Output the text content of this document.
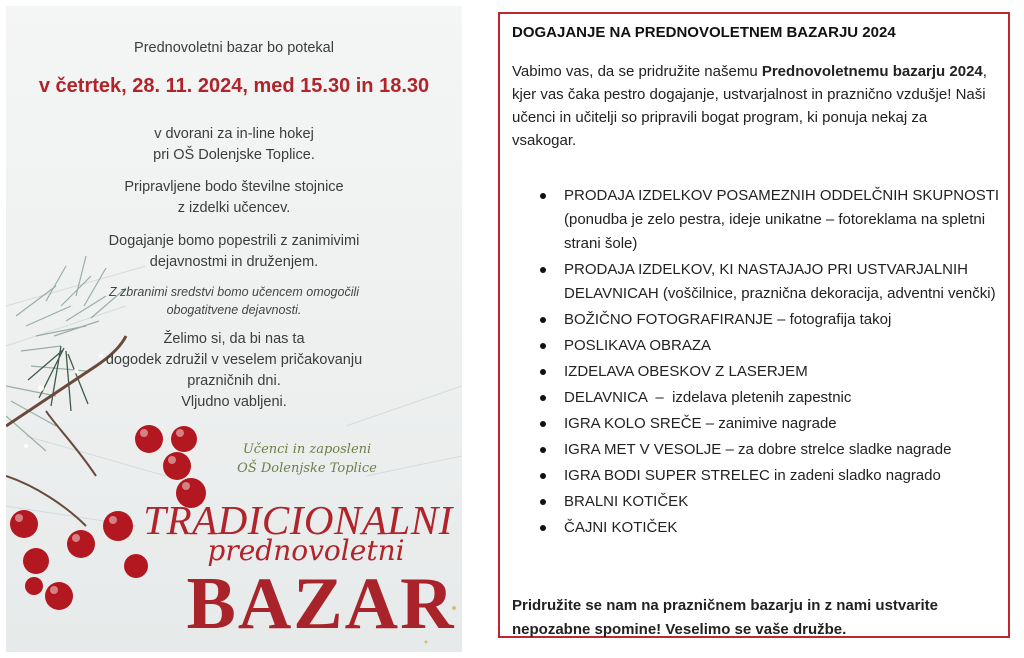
Prednovoletni bazar bo potekal
v četrtek, 28. 11. 2024, med 15.30 in 18.30
v dvorani za in-line hokej
pri OŠ Dolenjske Toplice.
Pripravljene bodo številne stojnice
z izdelki učencev.
Dogajanje bomo popestrili z zanimivimi
dejavnostmi in druženjem.
Z zbranimi sredstvi bomo učencem omogočili
obogatitvene dejavnosti.
Želimo si, da bi nas ta
dogodek združil v veselem pričakovanju
prazničnih dni.
Vljudno vabljeni.
Učenci in zaposleni
OŠ Dolenjske Toplice
TRADICIONALNI
prednovoletni
BAZAR
DOGAJANJE NA PREDNOVOLETNEM BAZARJU 2024

Vabimo vas, da se pridružite našemu Prednovoletnemu bazarju 2024, kjer vas čaka pestro dogajanje, ustvarjalnost in praznično vzdušje! Naši učenci in učitelji so pripravili bogat program, ki ponuja nekaj za vsakogar.

PRODAJA IZDELKOV POSAMEZNIH ODDELČNIH SKUPNOSTI (ponudba je zelo pestra, ideje unikatne – fotoreklama na spletni strani šole)
PRODAJA IZDELKOV, KI NASTAJAJO PRI USTVARJALNIH DELAVNICAH (voščilnice, praznična dekoracija, adventni venčki)
BOŽIČNO FOTOGRAFIRANJE – fotografija takoj
POSLIKAVA OBRAZA
IZDELAVA OBESKOV Z LASERJEM
DELAVNICA  –  izdelava pletenih zapestnic
IGRA KOLO SREČE – zanimive nagrade
IGRA MET V VESOLJE – za dobre strelce sladke nagrade
IGRA BODI SUPER STRELEC in zadeni sladko nagrado
BRALNI KOTIČEK
ČAJNI KOTIČEK

Pridružite se nam na prazničnem bazarju in z nami ustvarite nepozabne spomine! Veselimo se vaše družbe.
